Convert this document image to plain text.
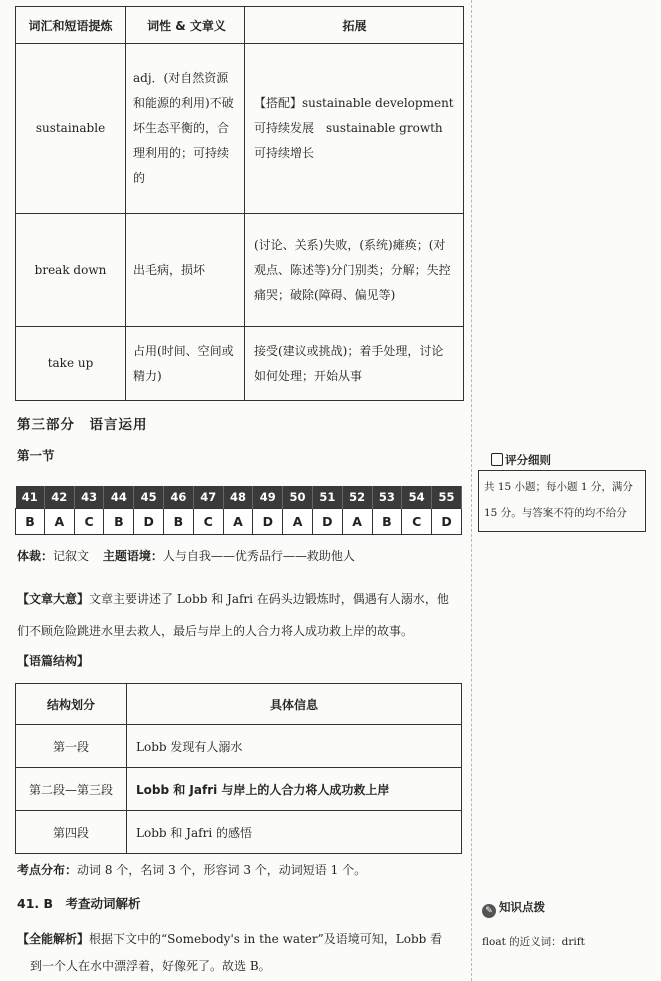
词汇和短语提炼	词性 & 文章义	拓展
sustainable	adj．(对自然资源和能源的利用)不破坏生态平衡的，合理利用的；可持续的	【搭配】sustainable development 可持续发展　sustainable growth 可持续增长
break down	出毛病，损坏	(讨论、关系)失败，(系统)瘫痪；(对观点、陈述等)分门别类；分解；失控痛哭；破除(障碍、偏见等)
take up	占用(时间、空间或精力)	接受(建议或挑战)；着手处理，讨论如何处理；开始从事
第三部分　语言运用
第一节
41	42	43	44	45	46	47	48	49	50	51	52	53	54	55
B	A	C	B	D	B	C	A	D	A	D	A	B	C	D
体裁：记叙文 主题语境：人与自我——优秀品行——救助他人
【文章大意】文章主要讲述了 Lobb 和 Jafri 在码头边锻炼时，偶遇有人溺水，他
们不顾危险跳进水里去救人，最后与岸上的人合力将人成功救上岸的故事。
【语篇结构】
结构划分	具体信息
第一段	Lobb 发现有人溺水
第二段—第三段	Lobb 和 Jafri 与岸上的人合力将人成功救上岸
第四段	Lobb 和 Jafri 的感悟
考点分布：动词 8 个，名词 3 个，形容词 3 个，动词短语 1 个。
41. B　考查动词解析
【全能解析】根据下文中的“Somebody's in the water”及语境可知，Lobb 看
到一个人在水中漂浮着，好像死了。故选 B。
评分细则
共 15 小题；每小题 1 分，满分
15 分。与答案不符的均不给分
✎ 知识点拨
float 的近义词：drift
